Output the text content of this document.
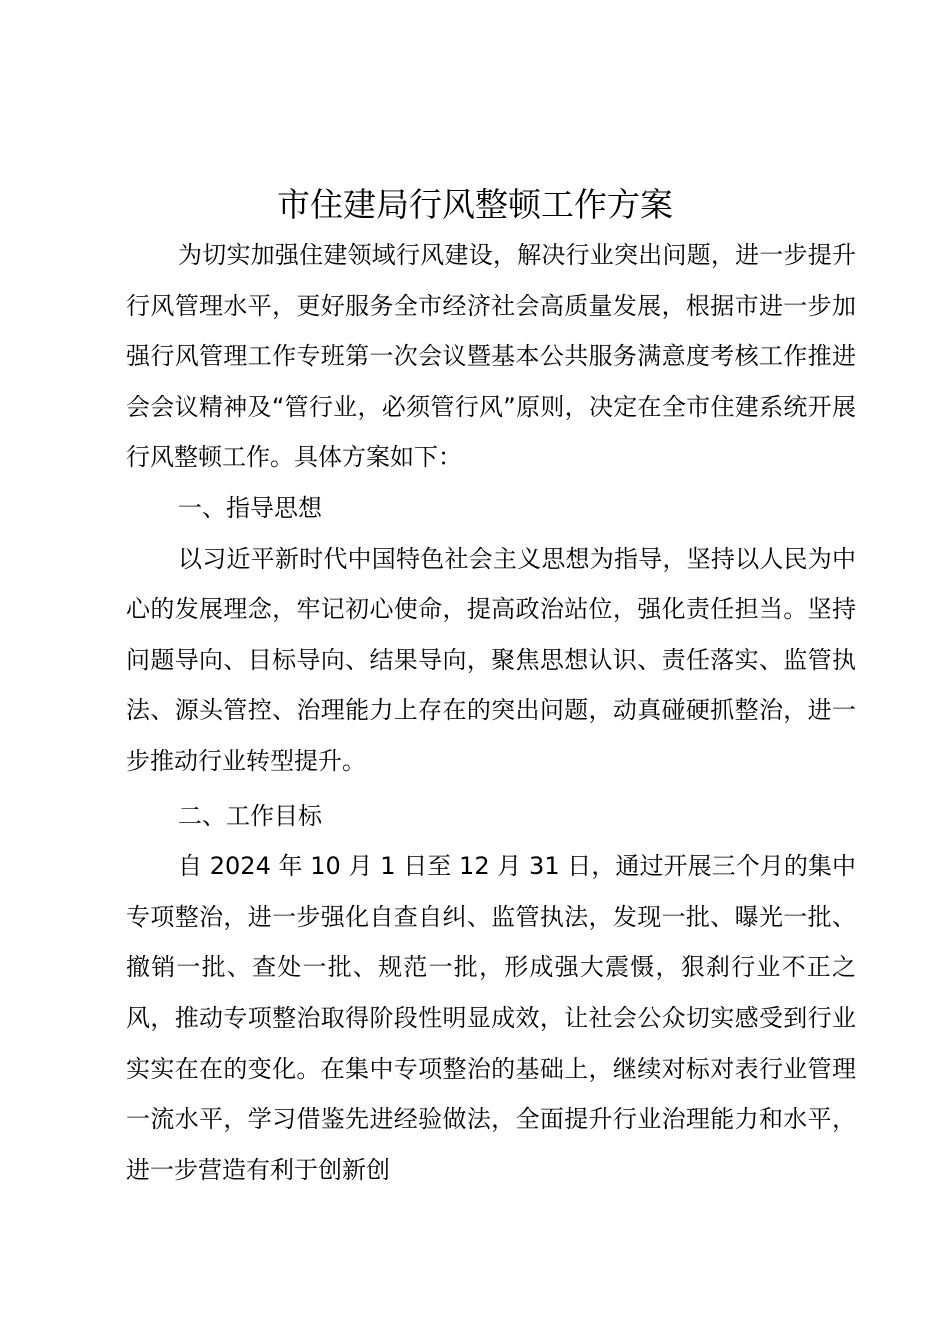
市住建局行风整顿工作方案

为切实加强住建领域行风建设，解决行业突出问题，进一步提升行风管理水平，更好服务全市经济社会高质量发展，根据市进一步加强行风管理工作专班第一次会议暨基本公共服务满意度考核工作推进会会议精神及“管行业，必须管行风”原则，决定在全市住建系统开展行风整顿工作。具体方案如下：

一、指导思想

以习近平新时代中国特色社会主义思想为指导，坚持以人民为中心的发展理念，牢记初心使命，提高政治站位，强化责任担当。坚持问题导向、目标导向、结果导向，聚焦思想认识、责任落实、监管执法、源头管控、治理能力上存在的突出问题，动真碰硬抓整治，进一步推动行业转型提升。

二、工作目标

自 2024 年 10 月 1 日至 12 月 31 日，通过开展三个月的集中专项整治，进一步强化自查自纠、监管执法，发现一批、曝光一批、撤销一批、查处一批、规范一批，形成强大震慑，狠刹行业不正之风，推动专项整治取得阶段性明显成效，让社会公众切实感受到行业实实在在的变化。在集中专项整治的基础上，继续对标对表行业管理一流水平，学习借鉴先进经验做法，全面提升行业治理能力和水平，进一步营造有利于创新创
